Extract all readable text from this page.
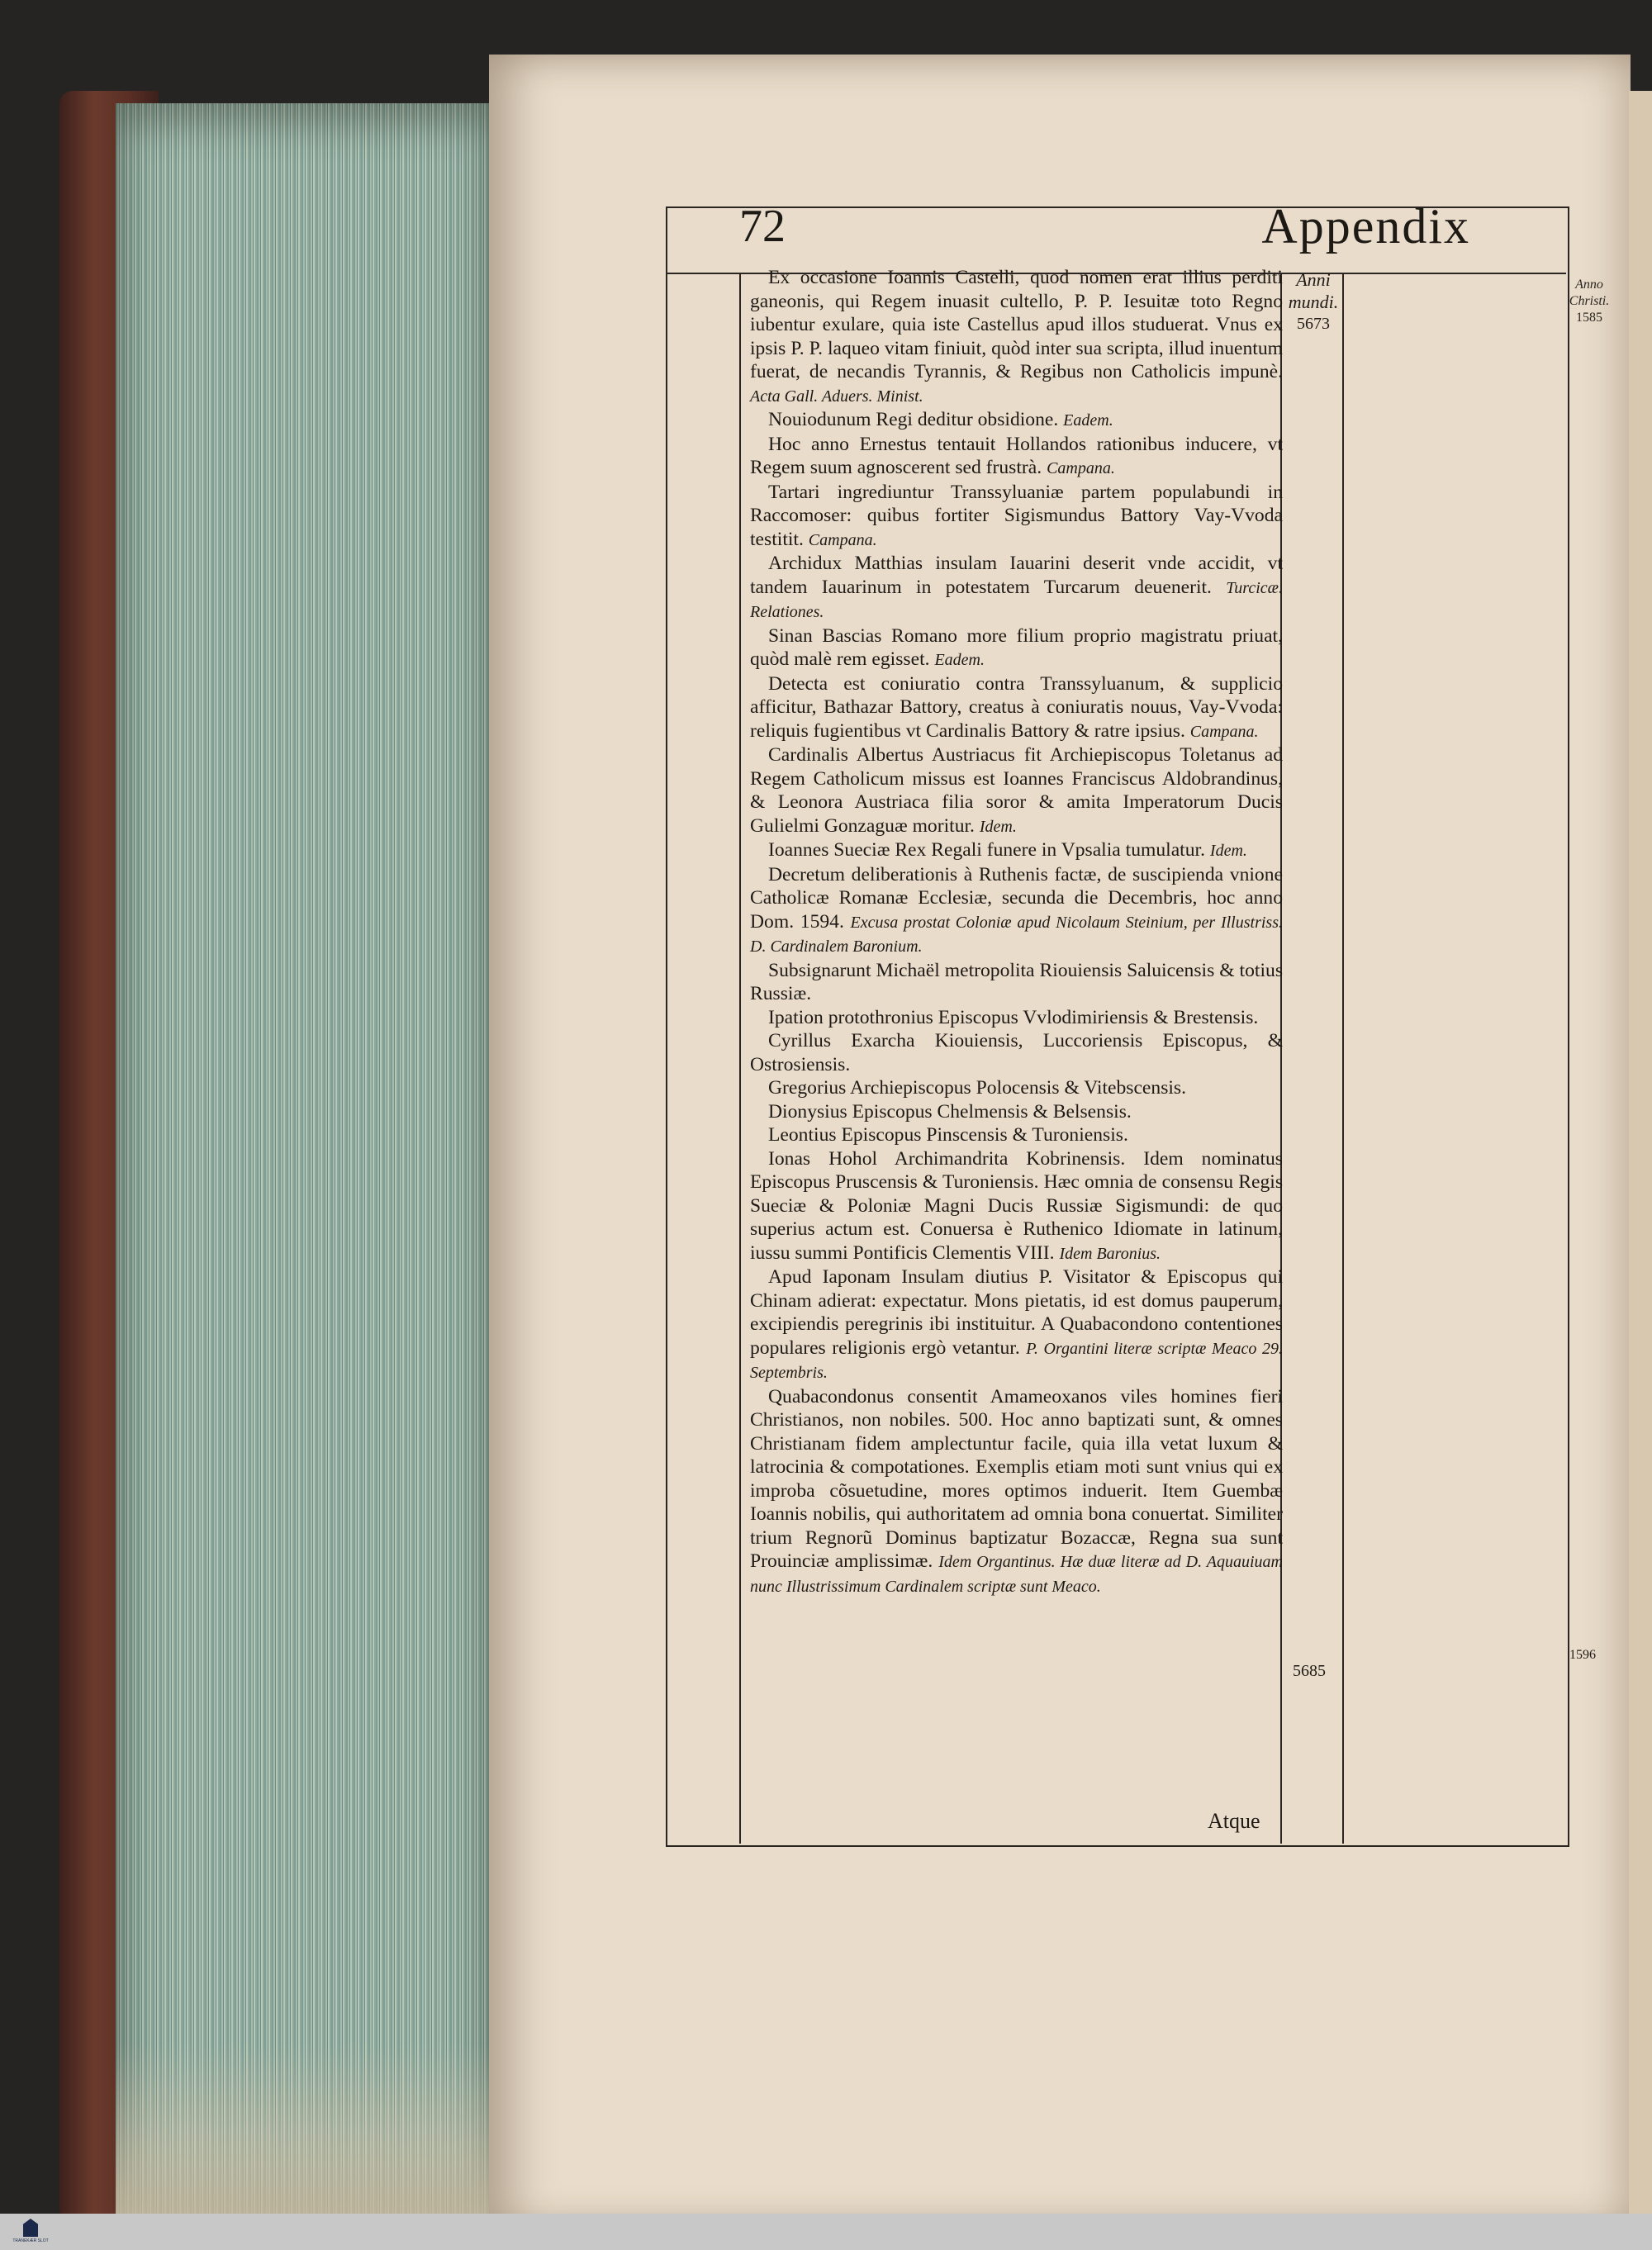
72	Appendix
Anni mundi.
5673
5685
Anno Christi.
1585
1596

Ex occasione Ioannis Castelli, quod nomen erat illius perditi ganeonis, qui Regem inuasit cultello, P. P. Iesuitæ toto Regno iubentur exulare, quia iste Castellus apud illos studuerat. Vnus ex ipsis P. P. laqueo vitam finiuit, quòd inter sua scripta, illud inuentum fuerat, de necandis Tyrannis, & Regibus non Catholicis impunè. Acta Gall. Aduers. Minist.

Nouiodunum Regi deditur obsidione. Eadem.

Hoc anno Ernestus tentauit Hollandos rationibus inducere, vt Regem suum agnoscerent sed frustrà. Campana.

Tartari ingrediuntur Transsyluaniæ partem populabundi in Raccomoser: quibus fortiter Sigismundus Battory Vay-Vvoda testitit. Campana.

Archidux Matthias insulam Iauarini deserit vnde accidit, vt tandem Iauarinum in potestatem Turcarum deuenerit. Turcicæ. Relationes.

Sinan Bascias Romano more filium proprio magistratu priuat, quòd malè rem egisset. Eadem.

Detecta est coniuratio contra Transsyluanum, & supplicio afficitur, Bathazar Battory, creatus à coniuratis nouus, Vay-Vvoda: reliquis fugientibus vt Cardinalis Battory & ratre ipsius. Campana.

Cardinalis Albertus Austriacus fit Archiepiscopus Toletanus ad Regem Catholicum missus est Ioannes Franciscus Aldobrandinus, & Leonora Austriaca filia soror & amita Imperatorum Ducis Gulielmi Gonzaguæ moritur. Idem.

Ioannes Sueciæ Rex Regali funere in Vpsalia tumulatur. Idem.

Decretum deliberationis à Ruthenis factæ, de suscipienda vnione Catholicæ Romanæ Ecclesiæ, secunda die Decembris, hoc anno Dom. 1594. Excusa prostat Coloniæ apud Nicolaum Steinium, per Illustriss. D. Cardinalem Baronium.

Subsignarunt Michaël metropolita Riouiensis Saluicensis & totius Russiæ.

Ipation protothronius Episcopus Vvlodimiriensis & Brestensis.

Cyrillus Exarcha Kiouiensis, Luccoriensis Episcopus, & Ostrosiensis.

Gregorius Archiepiscopus Polocensis & Vitebscensis.

Dionysius Episcopus Chelmensis & Belsensis.

Leontius Episcopus Pinscensis & Turoniensis.

Ionas Hohol Archimandrita Kobrinensis. Idem nominatus Episcopus Pruscensis & Turoniensis. Hæc omnia de consensu Regis Sueciæ & Poloniæ Magni Ducis Russiæ Sigismundi: de quo superius actum est. Conuersa è Ruthenico Idiomate in latinum, iussu summi Pontificis Clementis VIII. Idem Baronius.

Apud Iaponam Insulam diutius P. Visitator & Episcopus qui Chinam adierat: expectatur. Mons pietatis, id est domus pauperum, excipiendis peregrinis ibi instituitur. A Quabacondono contentiones populares religionis ergò vetantur. P. Organtini literæ scriptæ Meaco 29. Septembris.

Quabacondonus consentit Amameoxanos viles homines fieri Christianos, non nobiles. 500. Hoc anno baptizati sunt, & omnes Christianam fidem amplectuntur facile, quia illa vetat luxum & latrocinia & compotationes. Exemplis etiam moti sunt vnius qui ex improba cõsuetudine, mores optimos induerit. Item Guembæ Ioannis nobilis, qui authoritatem ad omnia bona conuertat. Similiter trium Regnorũ Dominus baptizatur Bozaccæ, Regna sua sunt Prouinciæ amplissimæ. Idem Organtinus. Hæ duæ literæ ad D. Aquauiuam nunc Illustrissimum Cardinalem scriptæ sunt Meaco.

Atque
TRANEKÆR SLOT
